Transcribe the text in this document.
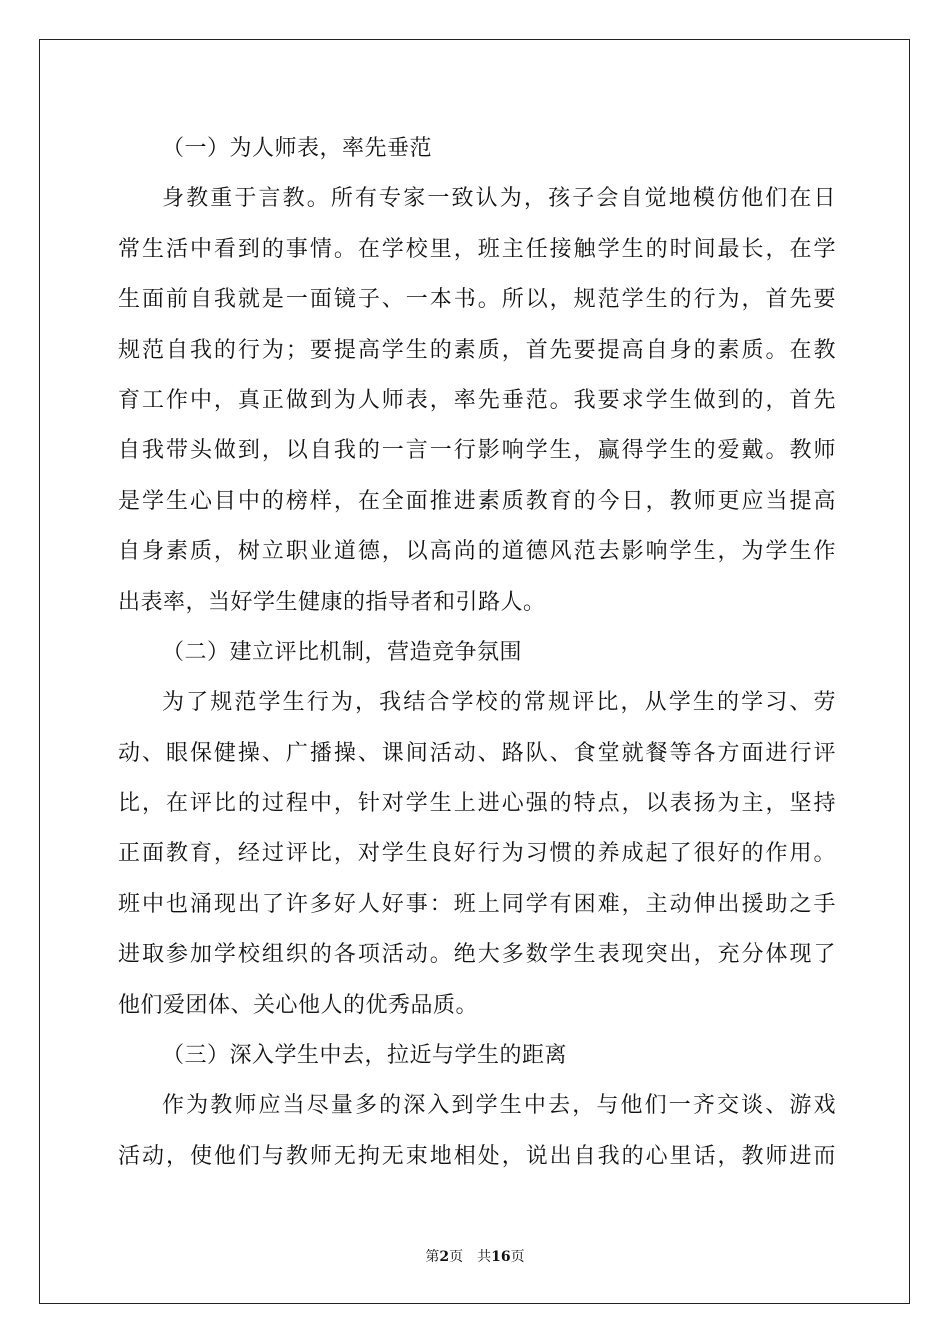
（一）为人师表，率先垂范
身教重于言教。所有专家一致认为，孩子会自觉地模仿他们在日
常生活中看到的事情。在学校里，班主任接触学生的时间最长，在学
生面前自我就是一面镜子、一本书。所以，规范学生的行为，首先要
规范自我的行为；要提高学生的素质，首先要提高自身的素质。在教
育工作中，真正做到为人师表，率先垂范。我要求学生做到的，首先
自我带头做到，以自我的一言一行影响学生，赢得学生的爱戴。教师
是学生心目中的榜样，在全面推进素质教育的今日，教师更应当提高
自身素质，树立职业道德，以高尚的道德风范去影响学生，为学生作
出表率，当好学生健康的指导者和引路人。
（二）建立评比机制，营造竞争氛围
为了规范学生行为，我结合学校的常规评比，从学生的学习、劳
动、眼保健操、广播操、课间活动、路队、食堂就餐等各方面进行评
比，在评比的过程中，针对学生上进心强的特点，以表扬为主，坚持
正面教育，经过评比，对学生良好行为习惯的养成起了很好的作用。
班中也涌现出了许多好人好事：班上同学有困难，主动伸出援助之手
进取参加学校组织的各项活动。绝大多数学生表现突出，充分体现了
他们爱团体、关心他人的优秀品质。
（三）深入学生中去，拉近与学生的距离
作为教师应当尽量多的深入到学生中去，与他们一齐交谈、游戏
活动，使他们与教师无拘无束地相处，说出自我的心里话，教师进而
第2页 共16页
